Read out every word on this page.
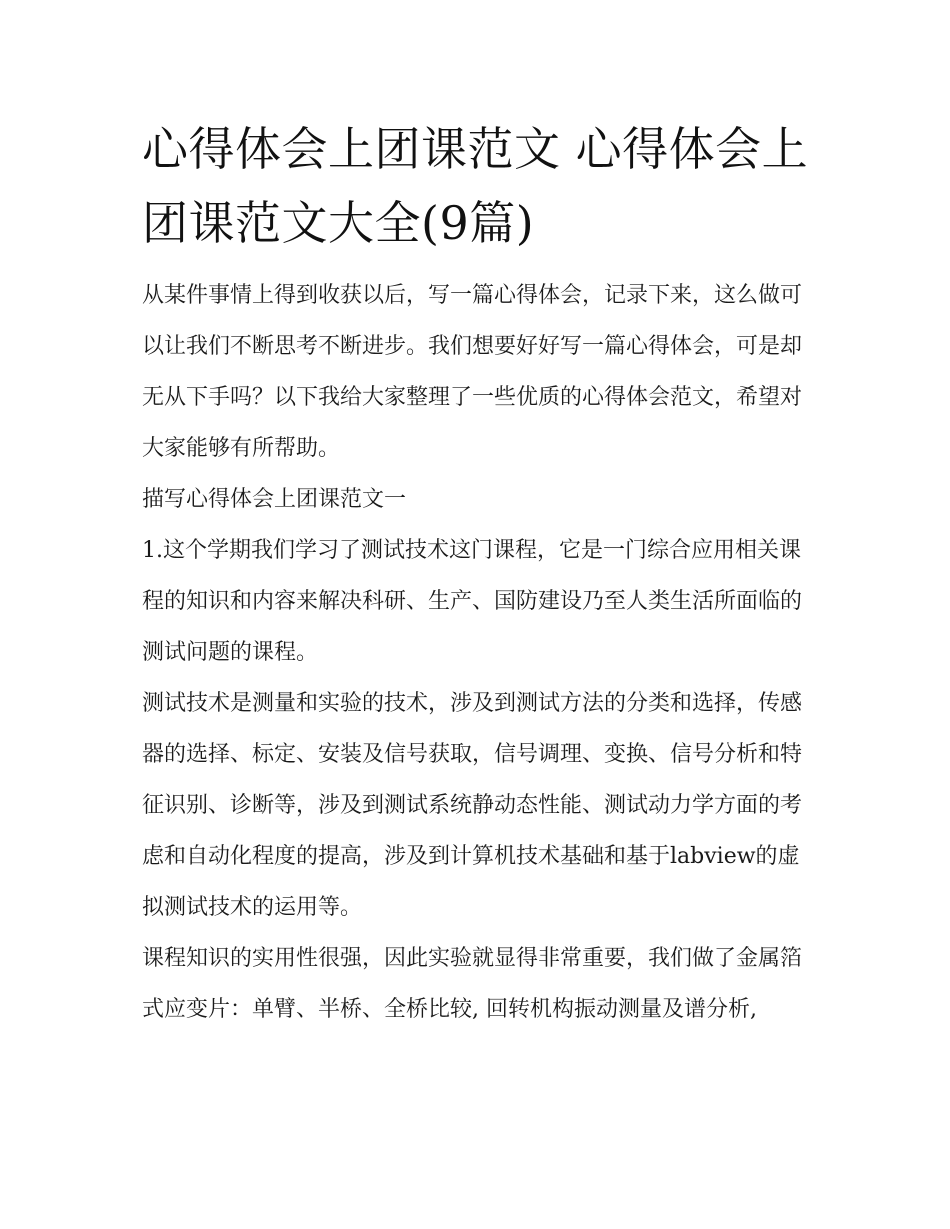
心得体会上团课范文 心得体会上团课范文大全(9篇)

从某件事情上得到收获以后，写一篇心得体会，记录下来，这么做可以让我们不断思考不断进步。我们想要好好写一篇心得体会，可是却无从下手吗？以下我给大家整理了一些优质的心得体会范文，希望对大家能够有所帮助。

描写心得体会上团课范文一

1.这个学期我们学习了测试技术这门课程，它是一门综合应用相关课程的知识和内容来解决科研、生产、国防建设乃至人类生活所面临的测试问题的课程。

测试技术是测量和实验的技术，涉及到测试方法的分类和选择，传感器的选择、标定、安装及信号获取，信号调理、变换、信号分析和特征识别、诊断等，涉及到测试系统静动态性能、测试动力学方面的考虑和自动化程度的提高，涉及到计算机技术基础和基于labview的虚拟测试技术的运用等。

课程知识的实用性很强，因此实验就显得非常重要，我们做了金属箔式应变片：单臂、半桥、全桥比较, 回转机构振动测量及谱分析,
